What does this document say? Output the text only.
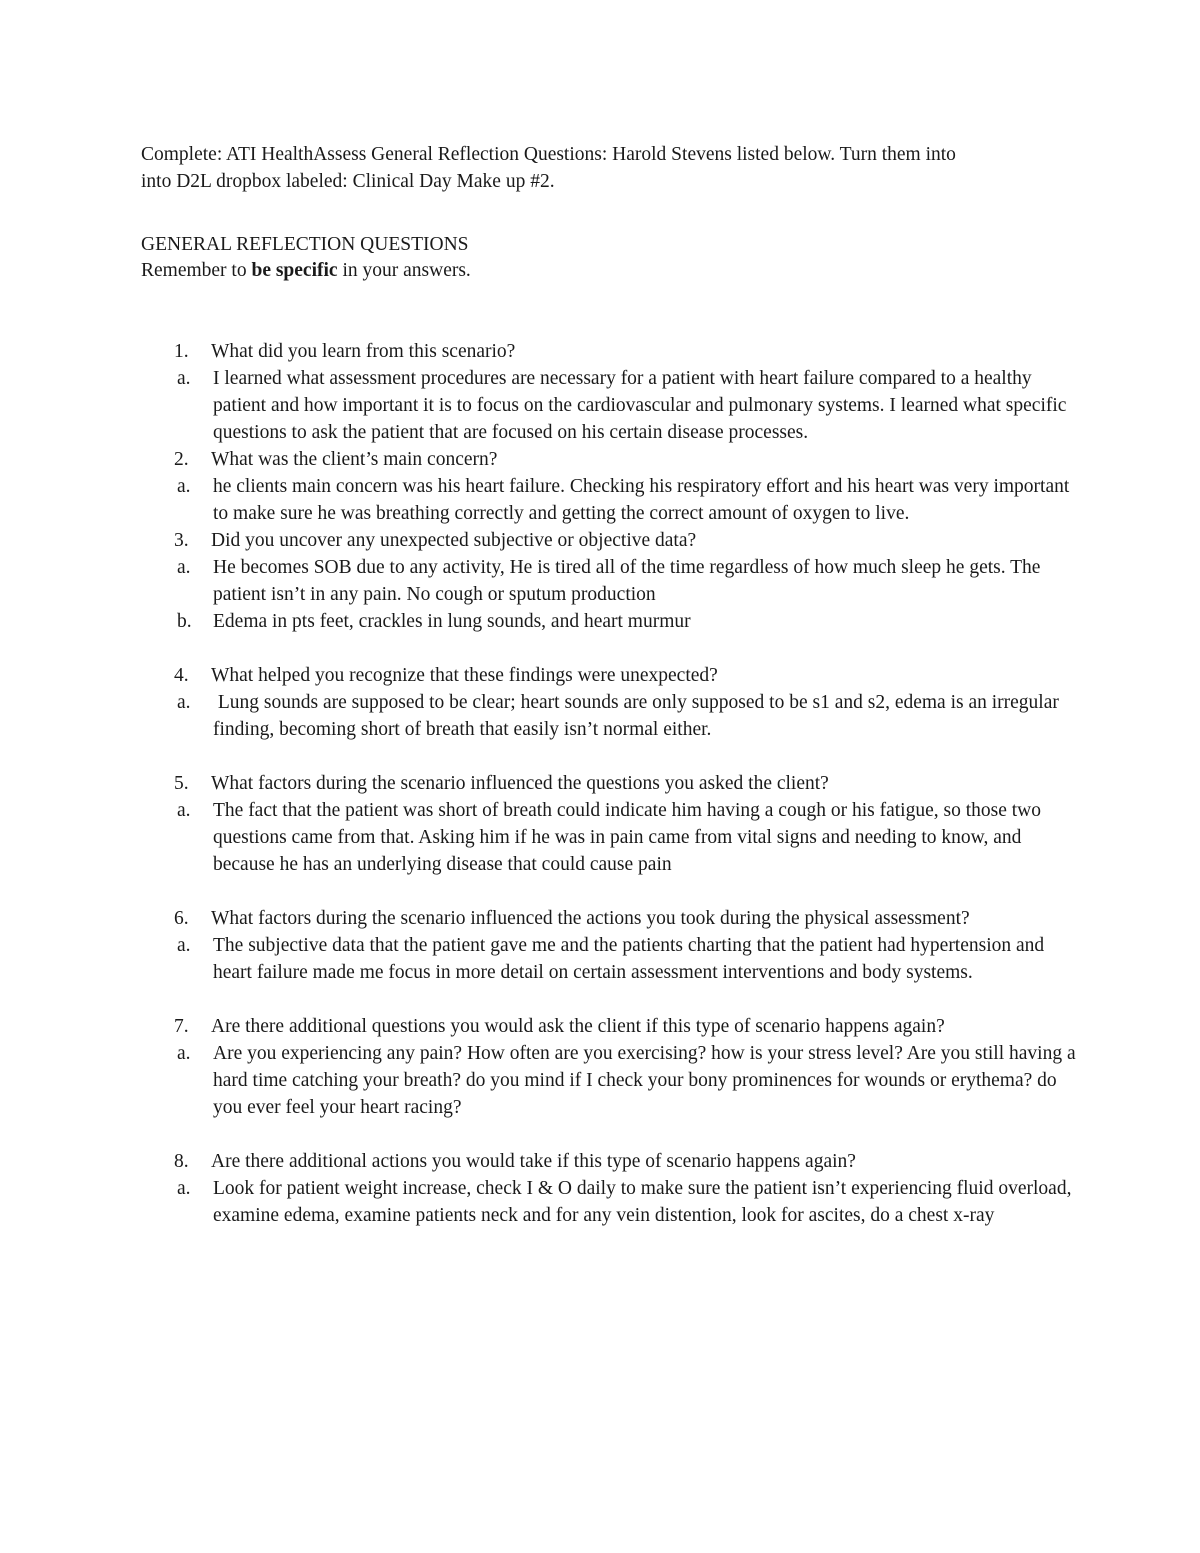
Complete: ATI HealthAssess General Reflection Questions: Harold Stevens listed below. Turn them into
into D2L dropbox labeled: Clinical Day Make up #2.
GENERAL REFLECTION QUESTIONS
Remember to be specific in your answers.
1. What did you learn from this scenario?
a. I learned what assessment procedures are necessary for a patient with heart failure compared to a healthy patient and how important it is to focus on the cardiovascular and pulmonary systems. I learned what specific questions to ask the patient that are focused on his certain disease processes.
2. What was the client’s main concern?
a. he clients main concern was his heart failure. Checking his respiratory effort and his heart was very important to make sure he was breathing correctly and getting the correct amount of oxygen to live.
3. Did you uncover any unexpected subjective or objective data?
a. He becomes SOB due to any activity, He is tired all of the time regardless of how much sleep he gets. The patient isn’t in any pain. No cough or sputum production
b. Edema in pts feet, crackles in lung sounds, and heart murmur
4. What helped you recognize that these findings were unexpected?
a. Lung sounds are supposed to be clear; heart sounds are only supposed to be s1 and s2, edema is an irregular finding, becoming short of breath that easily isn’t normal either.
5. What factors during the scenario influenced the questions you asked the client?
a. The fact that the patient was short of breath could indicate him having a cough or his fatigue, so those two questions came from that. Asking him if he was in pain came from vital signs and needing to know, and because he has an underlying disease that could cause pain
6. What factors during the scenario influenced the actions you took during the physical assessment?
a. The subjective data that the patient gave me and the patients charting that the patient had hypertension and heart failure made me focus in more detail on certain assessment interventions and body systems.
7. Are there additional questions you would ask the client if this type of scenario happens again?
a. Are you experiencing any pain? How often are you exercising? how is your stress level? Are you still having a hard time catching your breath? do you mind if I check your bony prominences for wounds or erythema? do you ever feel your heart racing?
8. Are there additional actions you would take if this type of scenario happens again?
a. Look for patient weight increase, check I & O daily to make sure the patient isn’t experiencing fluid overload, examine edema, examine patients neck and for any vein distention, look for ascites, do a chest x-ray
